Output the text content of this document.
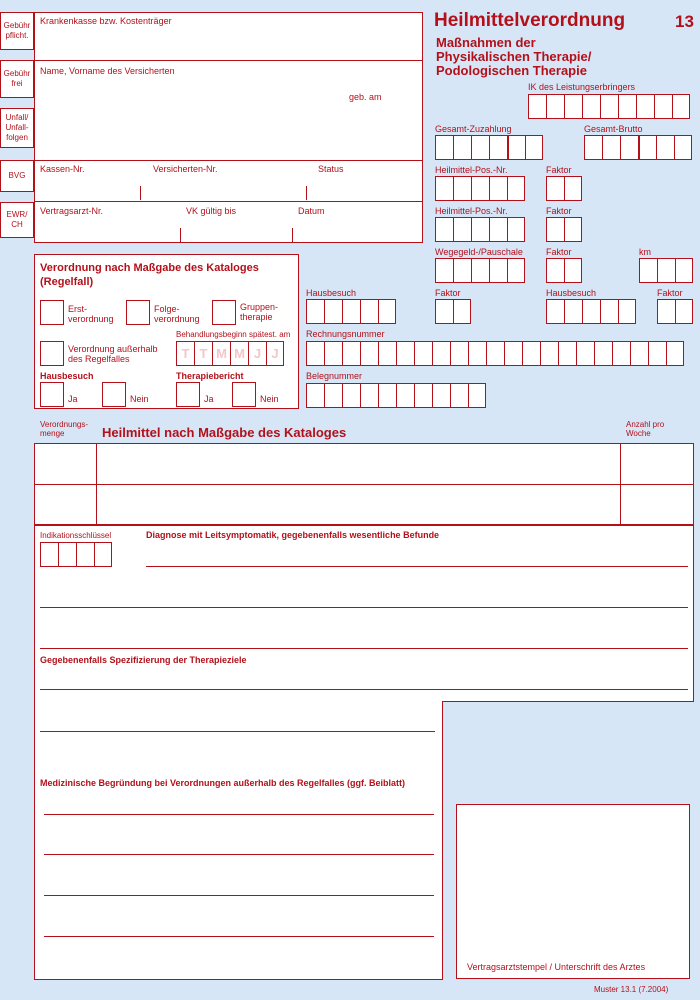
Gebühr
pflicht.
Gebühr
frei
Unfall/
Unfall-
folgen
BVG
EWR/
CH
Krankenkasse bzw. Kostenträger
Name, Vorname des Versicherten
geb. am
Kassen-Nr.	Versicherten-Nr.	Status
Vertragsarzt-Nr.	VK gültig bis	Datum
Heilmittelverordnung	13
Maßnahmen der
Physikalischen Therapie/
Podologischen Therapie
IK des Leistungserbringers
Gesamt-Zuzahlung	Gesamt-Brutto
Heilmittel-Pos.-Nr.	Faktor
Heilmittel-Pos.-Nr.	Faktor
Wegegeld-/Pauschale	Faktor	km
Hausbesuch	Faktor	Hausbesuch	Faktor
Rechnungsnummer
Belegnummer
Verordnung nach Maßgabe des Kataloges
(Regelfall)
Erst-
verordnung
Folge-
verordnung
Gruppen-
therapie
Behandlungsbeginn spätest. am
T T M M J J
Verordnung außerhalb
des Regelfalles
Hausbesuch
Ja	Nein
Therapiebericht
Ja	Nein
Verordnungs-
menge	Heilmittel nach Maßgabe des Kataloges
Anzahl pro
Woche
Indikationsschlüssel	Diagnose mit Leitsymptomatik, gegebenenfalls wesentliche Befunde
Gegebenenfalls Spezifizierung der Therapieziele
Medizinische Begründung bei Verordnungen außerhalb des Regelfalles (ggf. Beiblatt)
Vertragsarztstempel / Unterschrift des Arztes
Muster 13.1 (7.2004)
